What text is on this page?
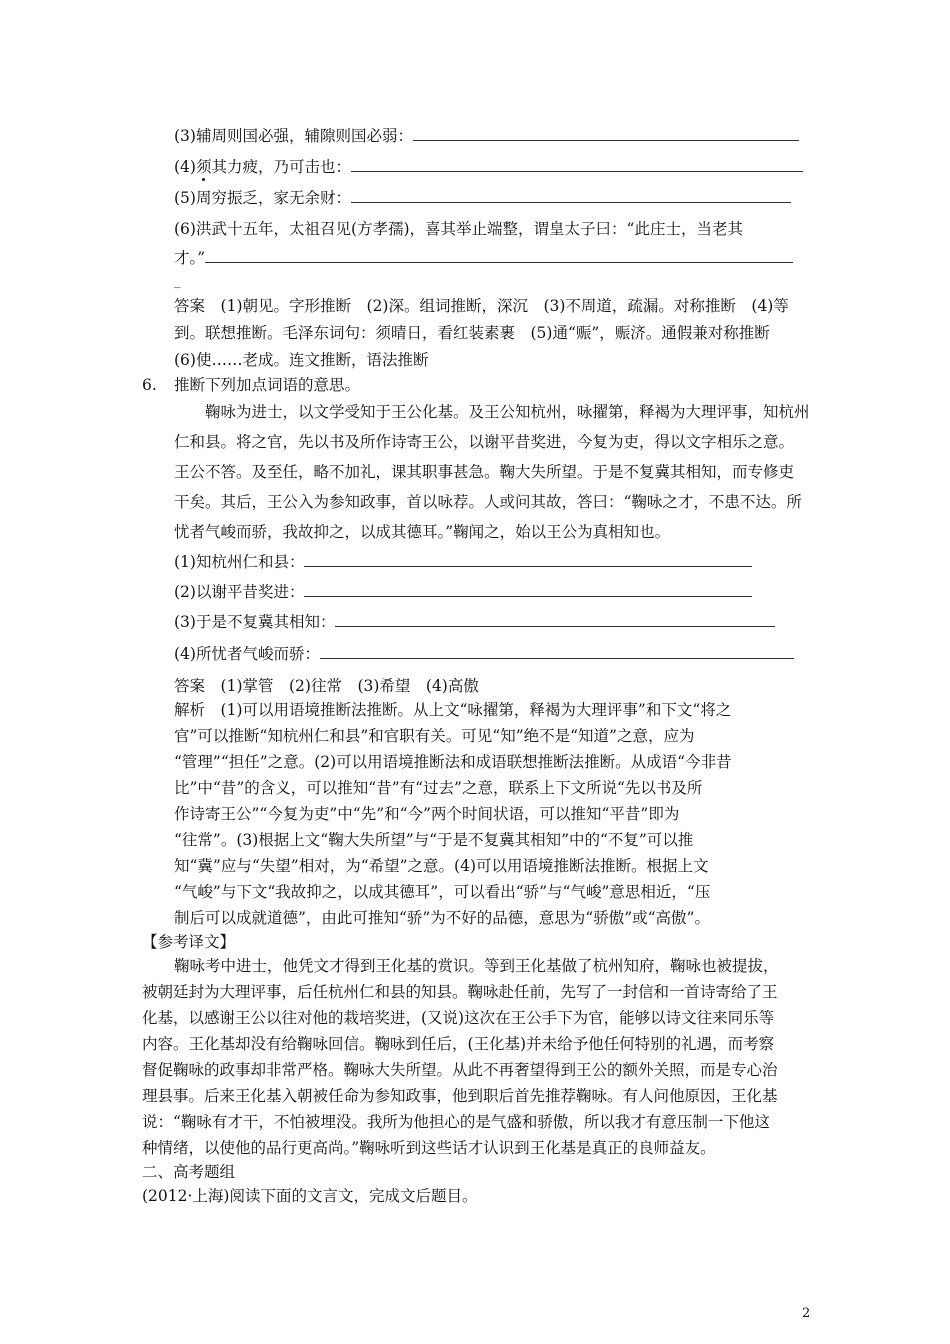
(3)辅周则国必强，辅隙则国必弱：
(4)须其力疲，乃可击也：
(5)周穷振乏，家无余财：
(6)洪武十五年，太祖召见(方孝孺)，喜其举止端整，谓皇太子曰：“此庄士，当老其
才。”
_
答案　 (1)朝见。字形推断　(2)深。组词推断，深沉　(3)不周道，疏漏。对称推断　(4)等
到。联想推断。毛泽东词句：须晴日，看红装素裹　(5)通“赈”，赈济。通假兼对称推断
(6)使……老成。连文推断，语法推断
6. 推断下列加点词语的意思。
鞠咏为进士，以文学受知于王公化基。及王公知杭州，咏擢第，释褐为大理评事，知杭州
仁和县。将之官，先以书及所作诗寄王公，以谢平昔奖进，今复为吏，得以文字相乐之意。
王公不答。及至任，略不加礼，课其职事甚急。鞠大失所望。于是不复冀其相知，而专修吏
干矣。其后，王公入为参知政事，首以咏荐。人或问其故，答曰：“鞠咏之才，不患不达。所
忧者气峻而骄，我故抑之，以成其德耳。”鞠闻之，始以王公为真相知也。
(1)知杭州仁和县：
(2)以谢平昔奖进：
(3)于是不复冀其相知：
(4)所忧者气峻而骄：
答案　 (1)掌管　(2)往常　(3)希望　(4)高傲
解析　 (1)可以用语境推断法推断。从上文“咏擢第，释褐为大理评事”和下文“将之
官”可以推断“知杭州仁和县”和官职有关。可见“知”绝不是“知道”之意，应为
“管理”“担任”之意。(2)可以用语境推断法和成语联想推断法推断。从成语“今非昔
比”中“昔”的含义，可以推知“昔”有“过去”之意，联系上下文所说“先以书及所
作诗寄王公”“今复为吏”中“先”和“今”两个时间状语，可以推知“平昔”即为
“往常”。(3)根据上文“鞠大失所望”与“于是不复冀其相知”中的“不复”可以推
知“冀”应与“失望”相对，为“希望”之意。(4)可以用语境推断法推断。根据上文
“气峻”与下文“我故抑之，以成其德耳”，可以看出“骄”与“气峻”意思相近，“压
制后可以成就道德”，由此可推知“骄”为不好的品德，意思为“骄傲”或“高傲”。
【参考译文】
鞠咏考中进士，他凭文才得到王化基的赏识。等到王化基做了杭州知府，鞠咏也被提拔，
被朝廷封为大理评事，后任杭州仁和县的知县。鞠咏赴任前，先写了一封信和一首诗寄给了王
化基，以感谢王公以往对他的栽培奖进，(又说)这次在王公手下为官，能够以诗文往来同乐等
内容。王化基却没有给鞠咏回信。鞠咏到任后，(王化基)并未给予他任何特别的礼遇，而考察
督促鞠咏的政事却非常严格。鞠咏大失所望。从此不再奢望得到王公的额外关照，而是专心治
理县事。后来王化基入朝被任命为参知政事，他到职后首先推荐鞠咏。有人问他原因，王化基
说：“鞠咏有才干，不怕被埋没。我所为他担心的是气盛和骄傲，所以我才有意压制一下他这
种情绪，以使他的品行更高尚。”鞠咏听到这些话才认识到王化基是真正的良师益友。
二、高考题组
(2012·上海)阅读下面的文言文，完成文后题目。
2
